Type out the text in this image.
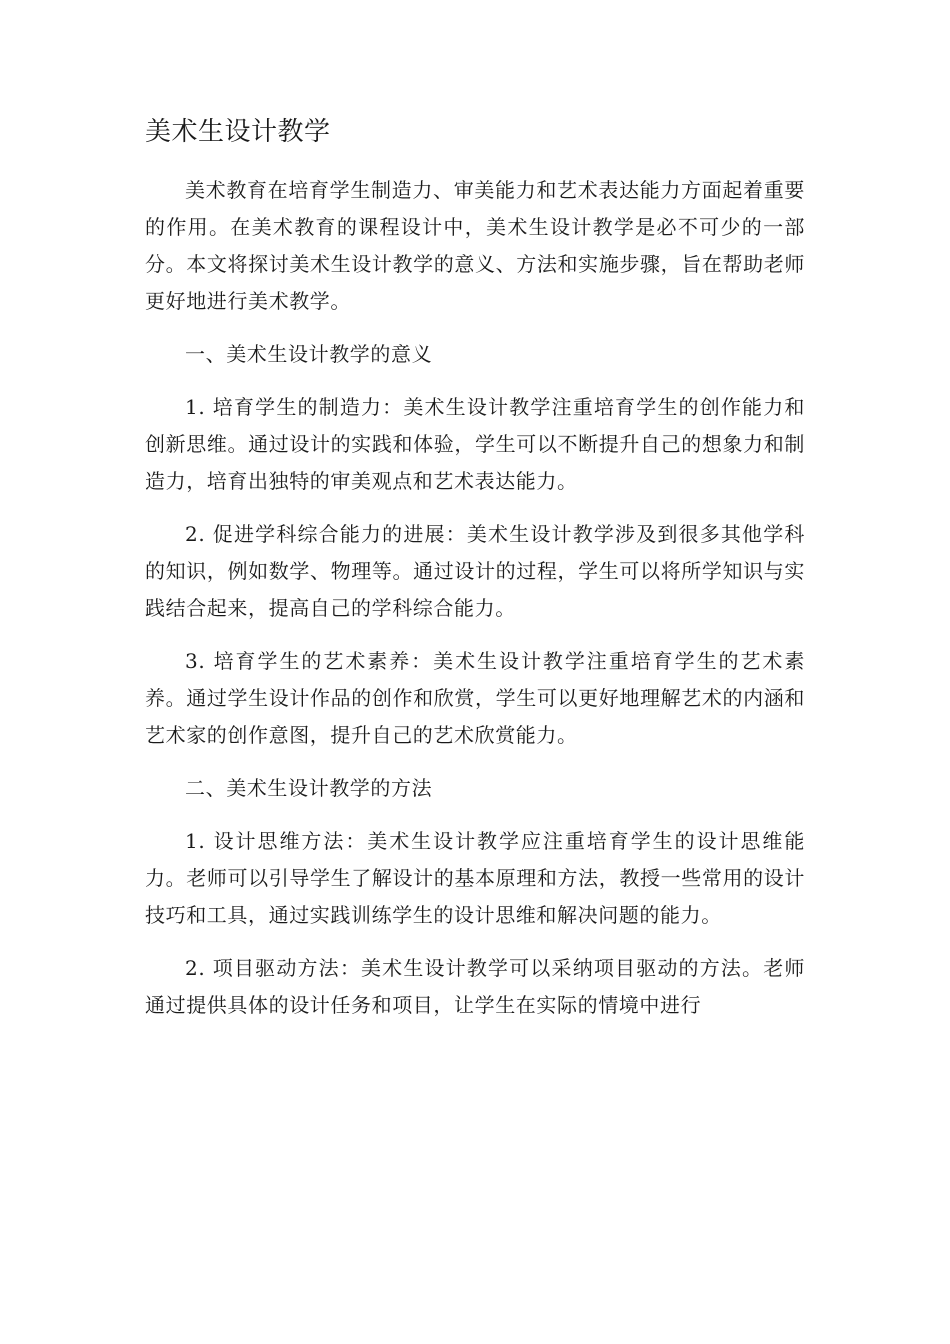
美术生设计教学

美术教育在培育学生制造力、审美能力和艺术表达能力方面起着重要的作用。在美术教育的课程设计中，美术生设计教学是必不可少的一部分。本文将探讨美术生设计教学的意义、方法和实施步骤，旨在帮助老师更好地进行美术教学。

一、美术生设计教学的意义

1. 培育学生的制造力：美术生设计教学注重培育学生的创作能力和创新思维。通过设计的实践和体验，学生可以不断提升自己的想象力和制造力，培育出独特的审美观点和艺术表达能力。

2. 促进学科综合能力的进展：美术生设计教学涉及到很多其他学科的知识，例如数学、物理等。通过设计的过程，学生可以将所学知识与实践结合起来，提高自己的学科综合能力。

3. 培育学生的艺术素养：美术生设计教学注重培育学生的艺术素养。通过学生设计作品的创作和欣赏，学生可以更好地理解艺术的内涵和艺术家的创作意图，提升自己的艺术欣赏能力。

二、美术生设计教学的方法

1. 设计思维方法：美术生设计教学应注重培育学生的设计思维能力。老师可以引导学生了解设计的基本原理和方法，教授一些常用的设计技巧和工具，通过实践训练学生的设计思维和解决问题的能力。

2. 项目驱动方法：美术生设计教学可以采纳项目驱动的方法。老师通过提供具体的设计任务和项目，让学生在实际的情境中进行
